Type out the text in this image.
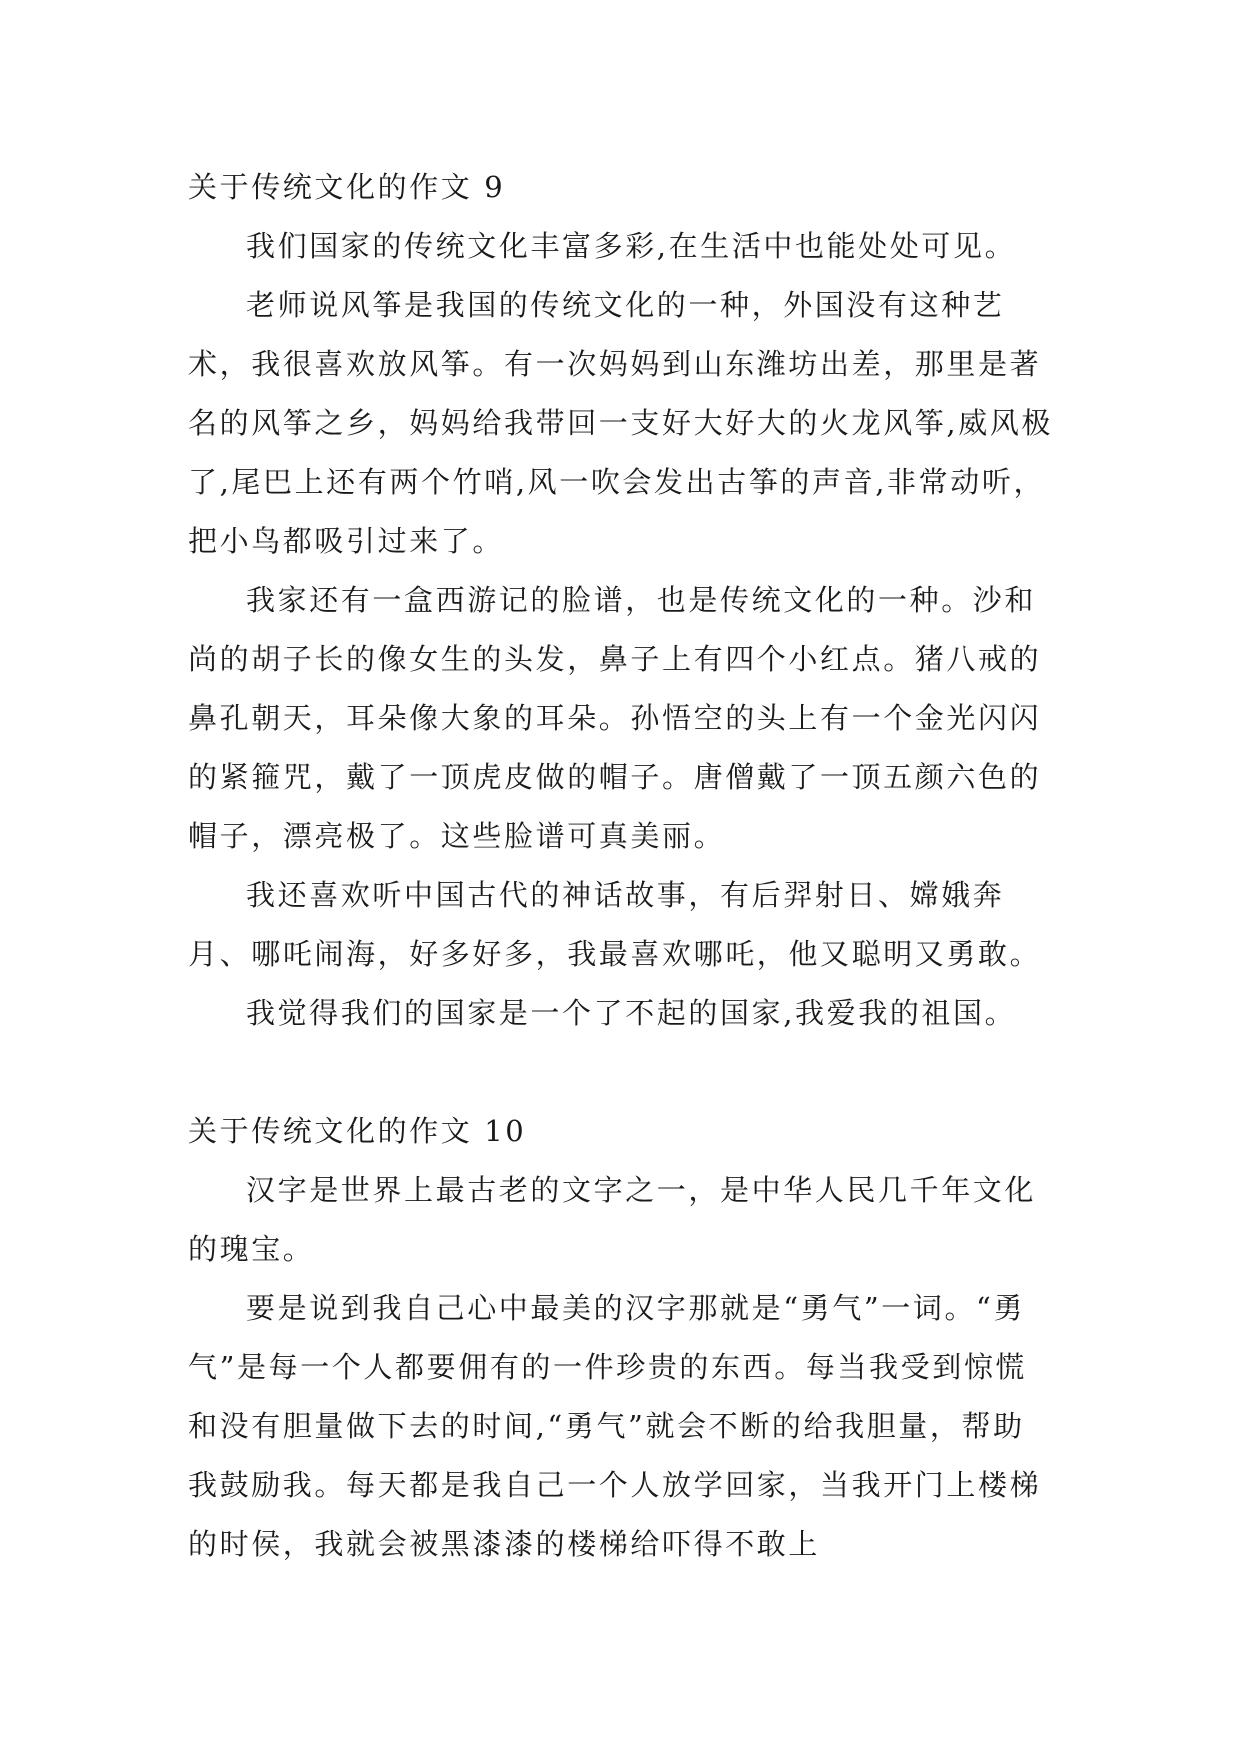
关于传统文化的作文 9

我们国家的传统文化丰富多彩,在生活中也能处处可见。

老师说风筝是我国的传统文化的一种，外国没有这种艺术，我很喜欢放风筝。有一次妈妈到山东潍坊出差，那里是著名的风筝之乡，妈妈给我带回一支好大好大的火龙风筝,威风极了,尾巴上还有两个竹哨,风一吹会发出古筝的声音,非常动听，把小鸟都吸引过来了。

我家还有一盒西游记的脸谱，也是传统文化的一种。沙和尚的胡子长的像女生的头发，鼻子上有四个小红点。猪八戒的鼻孔朝天，耳朵像大象的耳朵。孙悟空的头上有一个金光闪闪的紧箍咒，戴了一顶虎皮做的帽子。唐僧戴了一顶五颜六色的帽子，漂亮极了。这些脸谱可真美丽。

我还喜欢听中国古代的神话故事，有后羿射日、嫦娥奔月、哪吒闹海，好多好多，我最喜欢哪吒，他又聪明又勇敢。

我觉得我们的国家是一个了不起的国家,我爱我的祖国。

关于传统文化的作文 10

汉字是世界上最古老的文字之一，是中华人民几千年文化的瑰宝。

要是说到我自己心中最美的汉字那就是“勇气”一词。“勇气”是每一个人都要佣有的一件珍贵的东西。每当我受到惊慌和没有胆量做下去的时间,“勇气”就会不断的给我胆量，帮助我鼓励我。每天都是我自己一个人放学回家，当我开门上楼梯的时侯，我就会被黑漆漆的楼梯给吓得不敢上
